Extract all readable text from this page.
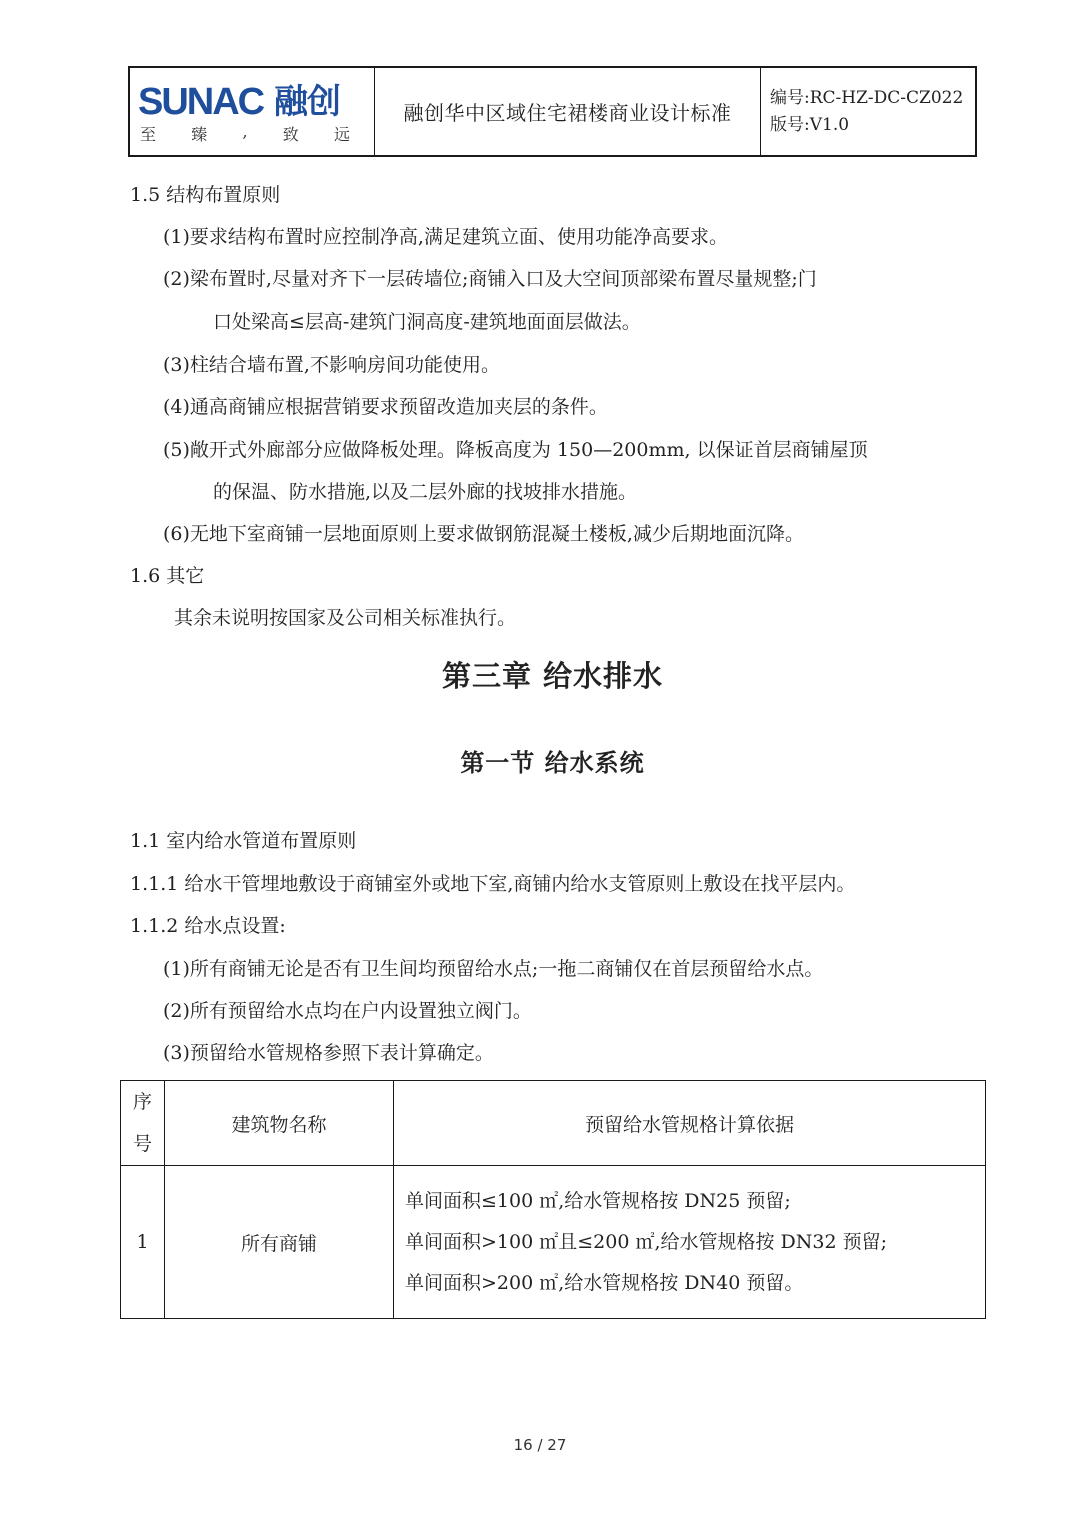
SUNAC 融创
至 臻 , 致 远
融创华中区域住宅裙楼商业设计标准
编号:RC-HZ-DC-CZ022
版号:V1.0
1.5 结构布置原则
(1)要求结构布置时应控制净高,满足建筑立面、使用功能净高要求。
(2)梁布置时,尽量对齐下一层砖墙位;商铺入口及大空间顶部梁布置尽量规整;门
口处梁高≤层高-建筑门洞高度-建筑地面面层做法。
(3)柱结合墙布置,不影响房间功能使用。
(4)通高商铺应根据营销要求预留改造加夹层的条件。
(5)敞开式外廊部分应做降板处理。降板高度为 150—200mm, 以保证首层商铺屋顶
的保温、防水措施,以及二层外廊的找坡排水措施。
(6)无地下室商铺一层地面原则上要求做钢筋混凝土楼板,减少后期地面沉降。
1.6 其它
其余未说明按国家及公司相关标准执行。
第三章 给水排水
第一节 给水系统
1.1 室内给水管道布置原则
1.1.1 给水干管埋地敷设于商铺室外或地下室,商铺内给水支管原则上敷设在找平层内。
1.1.2 给水点设置:
(1)所有商铺无论是否有卫生间均预留给水点;一拖二商铺仅在首层预留给水点。
(2)所有预留给水点均在户内设置独立阀门。
(3)预留给水管规格参照下表计算确定。
序
号	建筑物名称	预留给水管规格计算依据
1	所有商铺	单间面积≤100 ㎡,给水管规格按 DN25 预留;
单间面积>100 ㎡且≤200 ㎡,给水管规格按 DN32 预留;
单间面积>200 ㎡,给水管规格按 DN40 预留。
16 / 27
